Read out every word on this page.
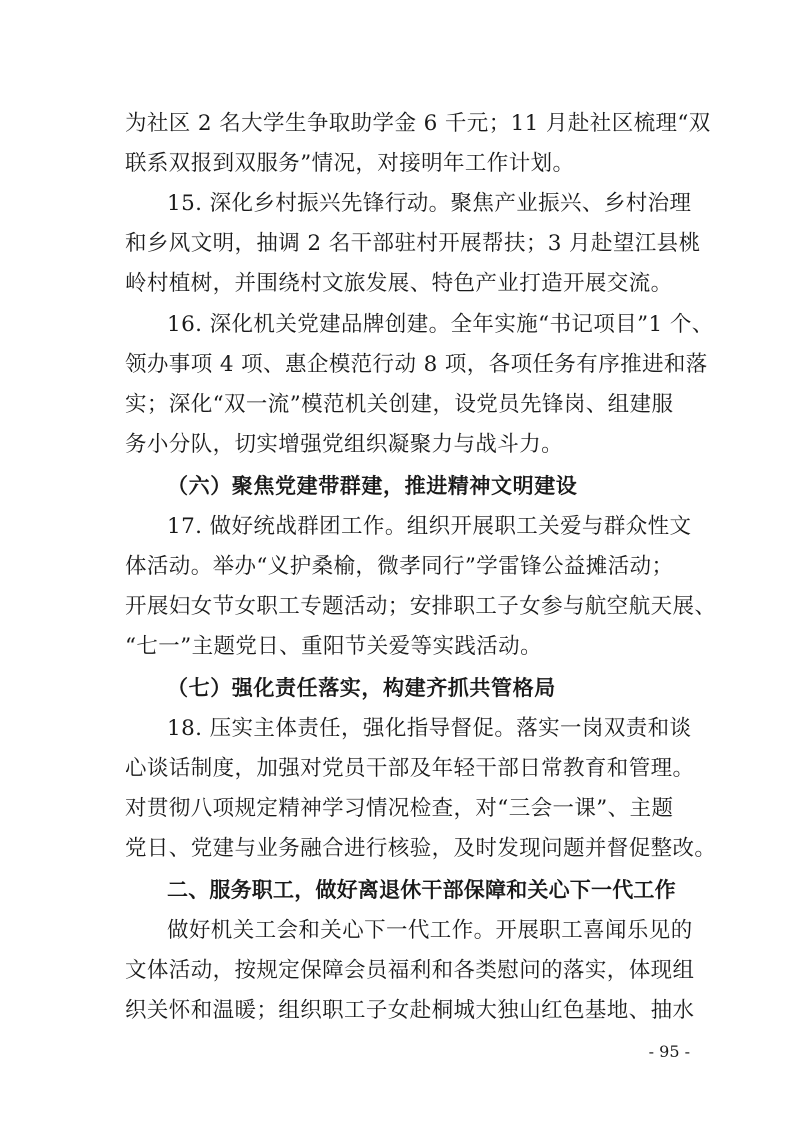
为社区 2 名大学生争取助学金 6 千元；11 月赴社区梳理“双
联系双报到双服务”情况，对接明年工作计划。
15. 深化乡村振兴先锋行动。聚焦产业振兴、乡村治理
和乡风文明，抽调 2 名干部驻村开展帮扶；3 月赴望江县桃
岭村植树，并围绕村文旅发展、特色产业打造开展交流。
16. 深化机关党建品牌创建。全年实施“书记项目”1 个、
领办事项 4 项、惠企模范行动 8 项，各项任务有序推进和落
实；深化“双一流”模范机关创建，设党员先锋岗、组建服
务小分队，切实增强党组织凝聚力与战斗力。
（六）聚焦党建带群建，推进精神文明建设
17. 做好统战群团工作。组织开展职工关爱与群众性文
体活动。举办“义护桑榆，微孝同行”学雷锋公益摊活动；
开展妇女节女职工专题活动；安排职工子女参与航空航天展、
“七一”主题党日、重阳节关爱等实践活动。
（七）强化责任落实，构建齐抓共管格局
18. 压实主体责任，强化指导督促。落实一岗双责和谈
心谈话制度，加强对党员干部及年轻干部日常教育和管理。
对贯彻八项规定精神学习情况检查，对“三会一课”、主题
党日、党建与业务融合进行核验，及时发现问题并督促整改。
二、服务职工，做好离退休干部保障和关心下一代工作
做好机关工会和关心下一代工作。开展职工喜闻乐见的
文体活动，按规定保障会员福利和各类慰问的落实，体现组
织关怀和温暖；组织职工子女赴桐城大独山红色基地、抽水
- 95 -
